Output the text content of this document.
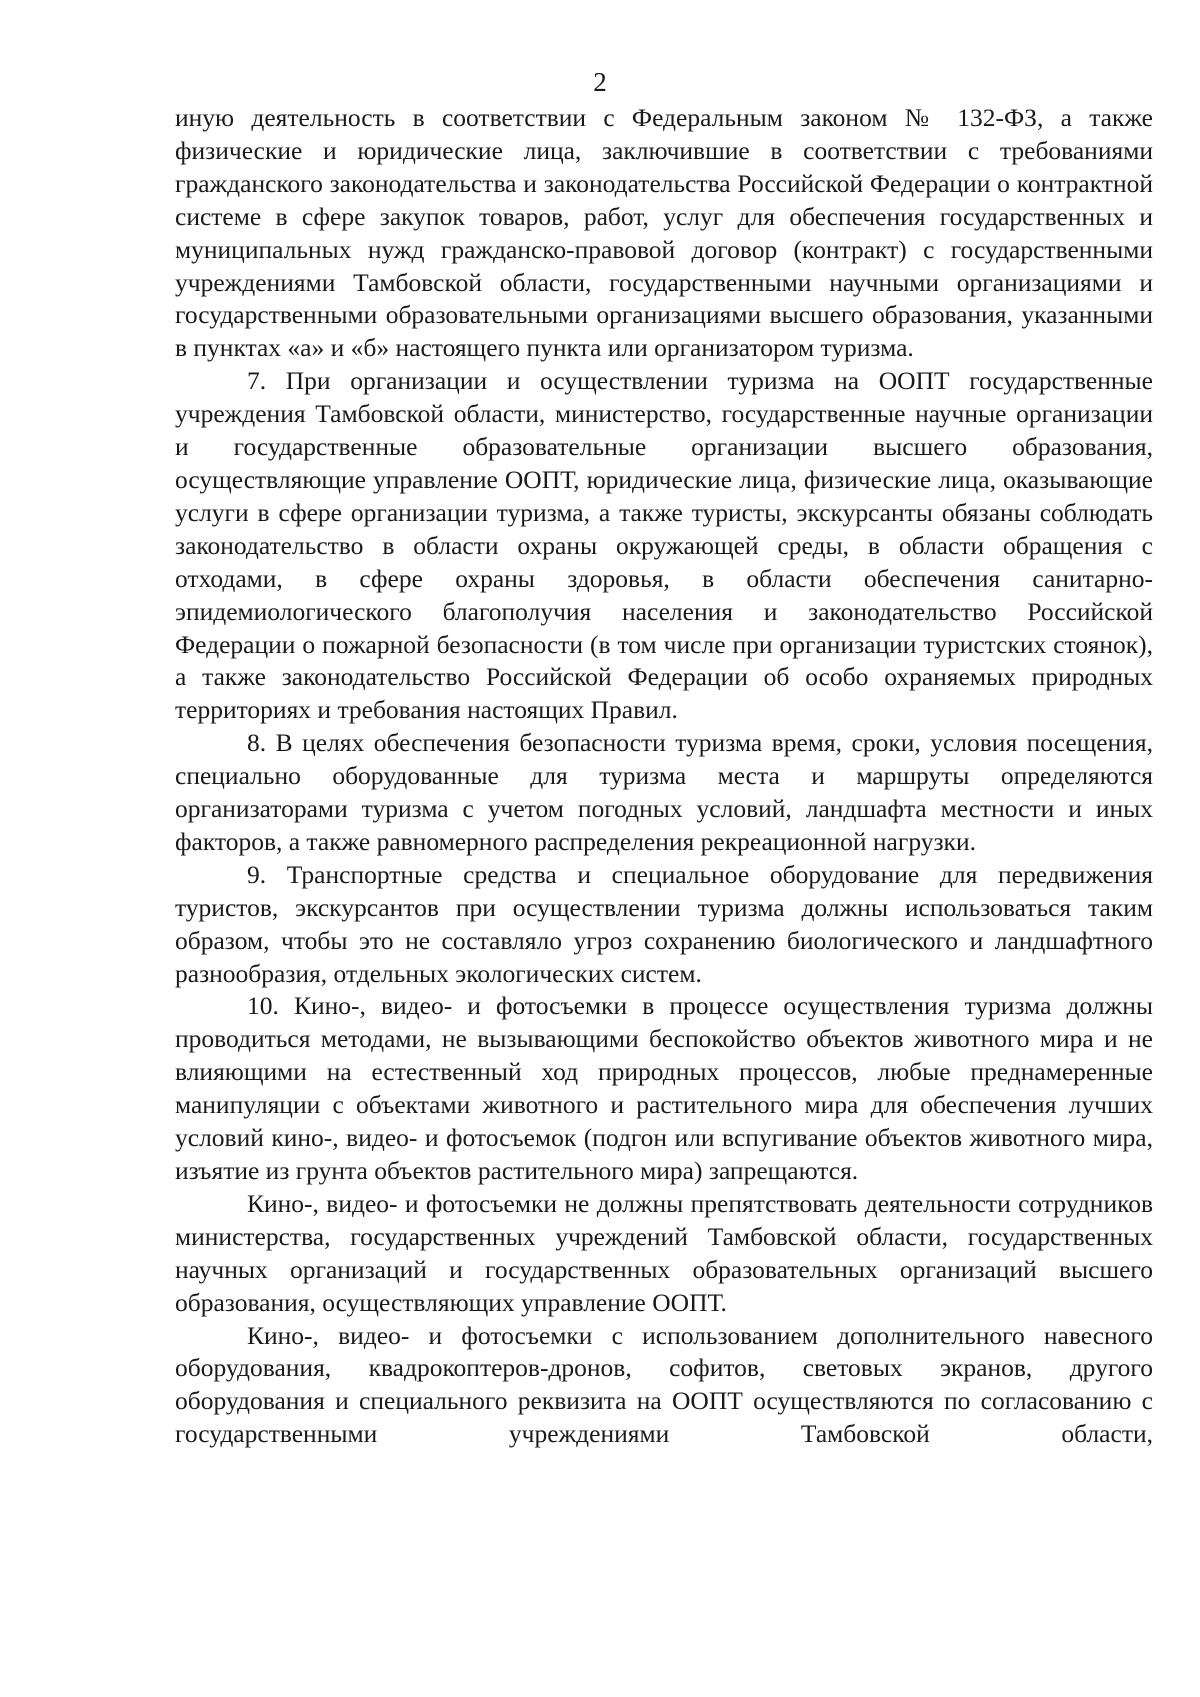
2

иную деятельность в соответствии с Федеральным законом № 132-ФЗ, а также физические и юридические лица, заключившие в соответствии с требованиями гражданского законодательства и законодательства Российской Федерации о контрактной системе в сфере закупок товаров, работ, услуг для обеспечения государственных и муниципальных нужд гражданско-правовой договор (контракт) с государственными учреждениями Тамбовской области, государственными научными организациями и государственными образовательными организациями высшего образования, указанными в пунктах «а» и «б» настоящего пункта или организатором туризма.

7. При организации и осуществлении туризма на ООПТ государственные учреждения Тамбовской области, министерство, государственные научные организации и государственные образовательные организации высшего образования, осуществляющие управление ООПТ, юридические лица, физические лица, оказывающие услуги в сфере организации туризма, а также туристы, экскурсанты обязаны соблюдать законодательство в области охраны окружающей среды, в области обращения с отходами, в сфере охраны здоровья, в области обеспечения санитарно-эпидемиологического благополучия населения и законодательство Российской Федерации о пожарной безопасности (в том числе при организации туристских стоянок), а также законодательство Российской Федерации об особо охраняемых природных территориях и требования настоящих Правил.

8. В целях обеспечения безопасности туризма время, сроки, условия посещения, специально оборудованные для туризма места и маршруты определяются организаторами туризма с учетом погодных условий, ландшафта местности и иных факторов, а также равномерного распределения рекреационной нагрузки.

9. Транспортные средства и специальное оборудование для передвижения туристов, экскурсантов при осуществлении туризма должны использоваться таким образом, чтобы это не составляло угроз сохранению биологического и ландшафтного разнообразия, отдельных экологических систем.

10. Кино-, видео- и фотосъемки в процессе осуществления туризма должны проводиться методами, не вызывающими беспокойство объектов животного мира и не влияющими на естественный ход природных процессов, любые преднамеренные манипуляции с объектами животного и растительного мира для обеспечения лучших условий кино-, видео- и фотосъемок (подгон или вспугивание объектов животного мира, изъятие из грунта объектов растительного мира) запрещаются.

Кино-, видео- и фотосъемки не должны препятствовать деятельности сотрудников министерства, государственных учреждений Тамбовской области, государственных научных организаций и государственных образовательных организаций высшего образования, осуществляющих управление ООПТ.

Кино-, видео- и фотосъемки с использованием дополнительного навесного оборудования, квадрокоптеров-дронов, софитов, световых экранов, другого оборудования и специального реквизита на ООПТ осуществляются по согласованию с государственными учреждениями Тамбовской области,
